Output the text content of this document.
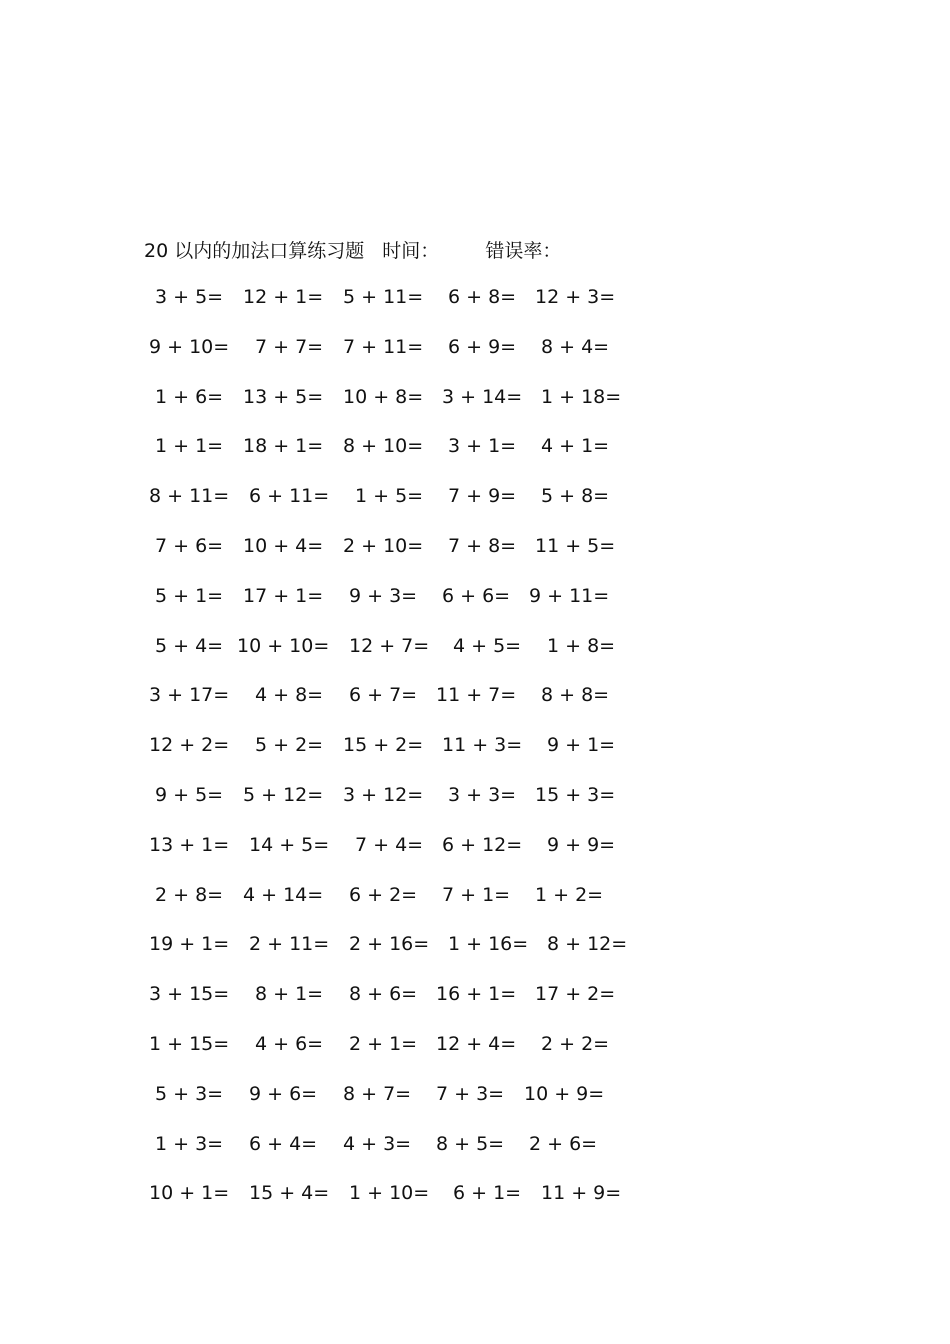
20 以内的加法口算练习题 时间： 错误率：
3 + 5= 12 + 1= 5 + 11= 6 + 8= 12 + 3=
9 + 10= 7 + 7= 7 + 11= 6 + 9= 8 + 4=
1 + 6= 13 + 5= 10 + 8= 3 + 14= 1 + 18=
1 + 1= 18 + 1= 8 + 10= 3 + 1= 4 + 1=
8 + 11= 6 + 11= 1 + 5= 7 + 9= 5 + 8=
7 + 6= 10 + 4= 2 + 10= 7 + 8= 11 + 5=
5 + 1= 17 + 1= 9 + 3= 6 + 6= 9 + 11=
5 + 4= 10 + 10= 12 + 7= 4 + 5= 1 + 8=
3 + 17= 4 + 8= 6 + 7= 11 + 7= 8 + 8=
12 + 2= 5 + 2= 15 + 2= 11 + 3= 9 + 1=
9 + 5= 5 + 12= 3 + 12= 3 + 3= 15 + 3=
13 + 1= 14 + 5= 7 + 4= 6 + 12= 9 + 9=
2 + 8= 4 + 14= 6 + 2= 7 + 1= 1 + 2=
19 + 1= 2 + 11= 2 + 16= 1 + 16= 8 + 12=
3 + 15= 8 + 1= 8 + 6= 16 + 1= 17 + 2=
1 + 15= 4 + 6= 2 + 1= 12 + 4= 2 + 2=
5 + 3= 9 + 6= 8 + 7= 7 + 3= 10 + 9=
1 + 3= 6 + 4= 4 + 3= 8 + 5= 2 + 6=
10 + 1= 15 + 4= 1 + 10= 6 + 1= 11 + 9=
